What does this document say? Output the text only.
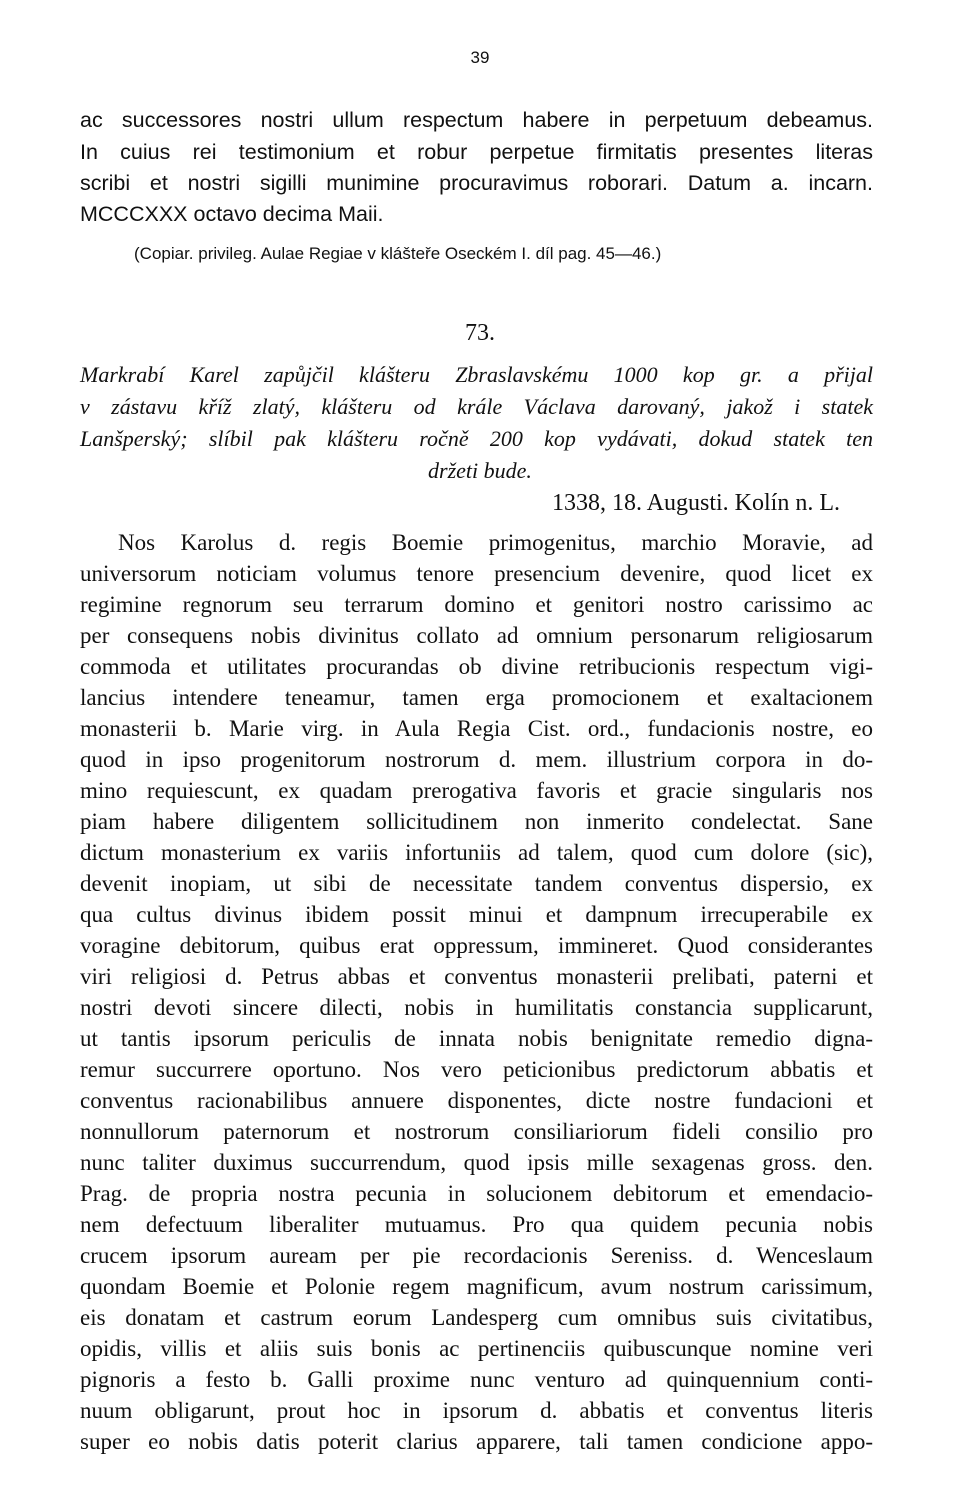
39
ac successores nostri ullum respectum habere in perpetuum debeamus.
In cuius rei testimonium et robur perpetue firmitatis presentes literas
scribi et nostri sigilli munimine procuravimus roborari. Datum a. incarn.
MCCCXXX octavo decima Maii.
(Copiar. privileg. Aulae Regiae v klášteře Oseckém I. díl pag. 45—46.)
73.
Markrabí Karel zapůjčil klášteru Zbraslavskému 1000 kop gr. a přijal
v zástavu kříž zlatý, klášteru od krále Václava darovaný, jakož i statek
Lanšperský; slíbil pak klášteru ročně 200 kop vydávati, dokud statek ten
držeti bude.
1338, 18. Augusti. Kolín n. L.
Nos Karolus d. regis Boemie primogenitus, marchio Moravie, ad
universorum noticiam volumus tenore presencium devenire, quod licet ex
regimine regnorum seu terrarum domino et genitori nostro carissimo ac
per consequens nobis divinitus collato ad omnium personarum religiosarum
commoda et utilitates procurandas ob divine retribucionis respectum vigi-
lancius intendere teneamur, tamen erga promocionem et exaltacionem
monasterii b. Marie virg. in Aula Regia Cist. ord., fundacionis nostre, eo
quod in ipso progenitorum nostrorum d. mem. illustrium corpora in do-
mino requiescunt, ex quadam prerogativa favoris et gracie singularis nos
piam habere diligentem sollicitudinem non inmerito condelectat. Sane
dictum monasterium ex variis infortuniis ad talem, quod cum dolore (sic),
devenit inopiam, ut sibi de necessitate tandem conventus dispersio, ex
qua cultus divinus ibidem possit minui et dampnum irrecuperabile ex
voragine debitorum, quibus erat oppressum, immineret. Quod considerantes
viri religiosi d. Petrus abbas et conventus monasterii prelibati, paterni et
nostri devoti sincere dilecti, nobis in humilitatis constancia supplicarunt,
ut tantis ipsorum periculis de innata nobis benignitate remedio digna-
remur succurrere oportuno. Nos vero peticionibus predictorum abbatis et
conventus racionabilibus annuere disponentes, dicte nostre fundacioni et
nonnullorum paternorum et nostrorum consiliariorum fideli consilio pro
nunc taliter duximus succurrendum, quod ipsis mille sexagenas gross. den.
Prag. de propria nostra pecunia in solucionem debitorum et emendacio-
nem defectuum liberaliter mutuamus. Pro qua quidem pecunia nobis
crucem ipsorum auream per pie recordacionis Sereniss. d. Wenceslaum
quondam Boemie et Polonie regem magnificum, avum nostrum carissimum,
eis donatam et castrum eorum Landesperg cum omnibus suis civitatibus,
opidis, villis et aliis suis bonis ac pertinenciis quibuscunque nomine veri
pignoris a festo b. Galli proxime nunc venturo ad quinquennium conti-
nuum obligarunt, prout hoc in ipsorum d. abbatis et conventus literis
super eo nobis datis poterit clarius apparere, tali tamen condicione appo-
